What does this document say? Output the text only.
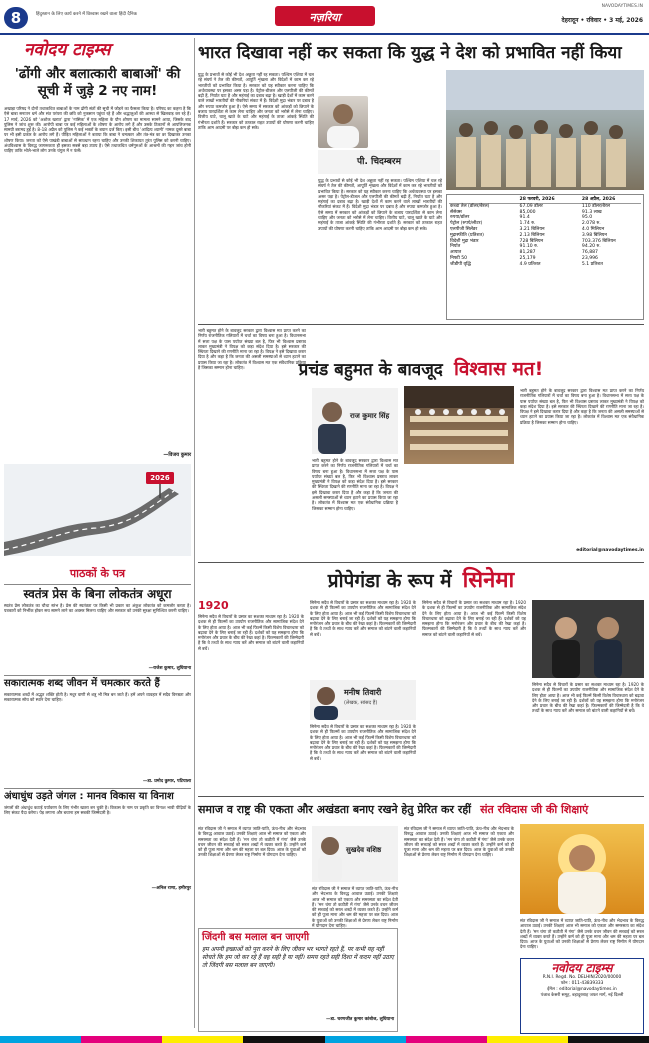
8	हिंदुस्तान के लिए कार्य करने में विश्वास रखने वाला हिंदी दैनिक	नज़रिया
NAVODAYTIMES.IN
देहरादून • रविवार • 3 मई, 2026
नवोदय टाइम्स
'ढोंगी और बलात्कारी बाबाओं' की सूची में जुड़े 2 नए नाम!
अखाड़ा परिषद ने दोनों तथाकथित बाबाओं के नाम ढोंगी संतों की सूची में जोड़ने का फैसला किया है। परिषद का कहना है कि ऐसे बाबा सनातन धर्म और संत परंपरा की छवि को नुकसान पहुंचा रहे हैं और श्रद्धालुओं की आस्था से खिलवाड़ कर रहे हैं। 17 मार्च, 2026 को 'अशोक खरात' द्वारा 'नासिक' में एक महिला के यौन शोषण का मामला सामने आया, जिसके बाद पुलिस ने जांच शुरू की। आरोपी बाबा पर कई महिलाओं के शोषण के आरोप लगे हैं और उसके ठिकानों से आपत्तिजनक सामग्री बरामद हुई है। 8-18 अप्रैल को पुलिस ने कई भक्तों के बयान दर्ज किए। इसी बीच 'आदित्य श्यामी' नामक दूसरे बाबा पर भी इसी प्रकार के आरोप लगे हैं। पीड़ित महिलाओं ने बताया कि बाबा ने चमत्कार और तंत्र-मंत्र का डर दिखाकर उनका शोषण किया। जनता को ऐसे पाखंडी बाबाओं से सावधान रहना चाहिए और उनकी शिकायत तुरंत पुलिस को करनी चाहिए। अंधविश्वास के विरुद्ध जागरूकता ही इसका सबसे बड़ा उपाय है। ऐसे तथाकथित धर्मगुरुओं के आश्रमों की गहन जांच होनी चाहिए ताकि भोले-भाले लोग उनके चंगुल में न फंसें।
—विजय कुमार
2026
पाठकों के पत्र
स्वतंत्र प्रेस के बिना लोकतंत्र अधूरा
स्वतंत्र प्रेस लोकतंत्र का चौथा स्तंभ है। प्रेस की स्वतंत्रता पर किसी भी प्रकार का अंकुश लोकतंत्र को कमजोर करता है। पत्रकारों को निर्भीक होकर सच सामने लाने का अवसर मिलना चाहिए और सरकार को उनकी सुरक्षा सुनिश्चित करनी चाहिए।
—राजेश कुमार, लुधियाना
सकारात्मक शब्द जीवन में चमत्कार करते हैं
सकारात्मक शब्दों में अद्भुत शक्ति होती है। मधुर वाणी से शत्रु भी मित्र बन जाते हैं। हमें अपने व्यवहार में सदैव विनम्रता और सकारात्मक सोच को स्थान देना चाहिए।
—डा. प्रमोद कुमार, पटियाला
अंधाधुंध उड़ते जंगल : मानव विकास या विनाश
जंगलों की अंधाधुंध कटाई पर्यावरण के लिए गंभीर खतरा बन चुकी है। विकास के नाम पर प्रकृति का विनाश भावी पीढ़ियों के लिए संकट पैदा करेगा। पेड़ लगाना और बचाना हम सबकी जिम्मेदारी है।
—अनिल राणा, हमीरपुर
भारत दिखावा नहीं कर सकता कि युद्ध ने देश को प्रभावित नहीं किया
पी. चिदम्बरम
युद्ध के प्रभावों से कोई भी देश अछूता नहीं रह सकता। पश्चिम एशिया में चल रहे संघर्ष ने तेल की कीमतों, आपूर्ति शृंखला और विदेशों में काम कर रहे भारतीयों को प्रभावित किया है। सरकार को यह स्वीकार करना चाहिए कि अर्थव्यवस्था पर इसका असर पड़ा है। पेट्रोल-डीजल और एलपीजी की कीमतें बढ़ी हैं, निर्यात घटा है और महंगाई का दबाव बढ़ा है। खाड़ी देशों में काम करने वाले लाखों भारतीयों की नौकरियां संकट में हैं। विदेशी मुद्रा भंडार पर दबाव है और रुपया कमजोर हुआ है। ऐसे समय में सरकार को आंकड़ों को छिपाने के बजाय पारदर्शिता से काम लेना चाहिए और जनता को भरोसे में लेना चाहिए। वित्तीय घाटे, चालू खाते के घाटे और महंगाई के ताजा आंकड़े स्थिति की गंभीरता दर्शाते हैं। सरकार को तत्काल राहत उपायों की घोषणा करनी चाहिए ताकि आम आदमी पर बोझ कम हो सके।
युद्ध के प्रभावों से कोई भी देश अछूता नहीं रह सकता। पश्चिम एशिया में चल रहे संघर्ष ने तेल की कीमतों, आपूर्ति शृंखला और विदेशों में काम कर रहे भारतीयों को प्रभावित किया है। सरकार को यह स्वीकार करना चाहिए कि अर्थव्यवस्था पर इसका असर पड़ा है। पेट्रोल-डीजल और एलपीजी की कीमतें बढ़ी हैं, निर्यात घटा है और महंगाई का दबाव बढ़ा है। खाड़ी देशों में काम करने वाले लाखों भारतीयों की नौकरियां संकट में हैं। विदेशी मुद्रा भंडार पर दबाव है और रुपया कमजोर हुआ है। ऐसे समय में सरकार को आंकड़ों को छिपाने के बजाय पारदर्शिता से काम लेना चाहिए और जनता को भरोसे में लेना चाहिए। वित्तीय घाटे, चालू खाते के घाटे और महंगाई के ताजा आंकड़े स्थिति की गंभीरता दर्शाते हैं। सरकार को तत्काल राहत उपायों की घोषणा करनी चाहिए ताकि आम आदमी पर बोझ कम हो सके।
	28 फरवरी, 2026	28 अप्रैल, 2026
कच्चा तेल (डॉलर/बैरल)	67.09 डॉलर	110 डॉलर/बैरल
सेंसेक्स	85,000	91.3 लाख
रुपया/डॉलर	91.4	95.0
पेट्रोल (रुपये/लीटर)	1.74 रु.	2.078 रु.
एलपीजी सिलेंडर	3.21 बिलियन	4.0 मिलियन
मुद्रास्फीति (प्रतिशत)	2.13 बिलियन	3.98 बिलियन
विदेशी मुद्रा भंडार	728 बिलियन	703.376 बिलियन
निर्यात	91.10 रु.	94.20 रु.
आयात	81,287	76,887
निफ्टी 50	25,179	23,996
जीडीपी वृद्धि	4.9 प्रतिशत	5.1 प्रतिशत
प्रचंड बहुमत के बावजूद विश्वास मत!
भारी बहुमत होने के बावजूद सरकार द्वारा विश्वास मत प्राप्त करने का निर्णय राजनीतिक गलियारों में चर्चा का विषय बना हुआ है। विधानसभा में सत्ता पक्ष के पास पर्याप्त संख्या बल है, फिर भी विश्वास प्रस्ताव लाकर मुख्यमंत्री ने विपक्ष को कड़ा संदेश दिया है। इसे सरकार की स्थिरता दिखाने की रणनीति माना जा रहा है। विपक्ष ने इसे दिखावा करार दिया है और कहा है कि जनता की असली समस्याओं से ध्यान हटाने का प्रयास किया जा रहा है। लोकतंत्र में विश्वास मत एक संवैधानिक प्रक्रिया है जिसका सम्मान होना चाहिए।
राज कुमार सिंह
भारी बहुमत होने के बावजूद सरकार द्वारा विश्वास मत प्राप्त करने का निर्णय राजनीतिक गलियारों में चर्चा का विषय बना हुआ है। विधानसभा में सत्ता पक्ष के पास पर्याप्त संख्या बल है, फिर भी विश्वास प्रस्ताव लाकर मुख्यमंत्री ने विपक्ष को कड़ा संदेश दिया है। इसे सरकार की स्थिरता दिखाने की रणनीति माना जा रहा है। विपक्ष ने इसे दिखावा करार दिया है और कहा है कि जनता की असली समस्याओं से ध्यान हटाने का प्रयास किया जा रहा है। लोकतंत्र में विश्वास मत एक संवैधानिक प्रक्रिया है जिसका सम्मान होना चाहिए।
भारी बहुमत होने के बावजूद सरकार द्वारा विश्वास मत प्राप्त करने का निर्णय राजनीतिक गलियारों में चर्चा का विषय बना हुआ है। विधानसभा में सत्ता पक्ष के पास पर्याप्त संख्या बल है, फिर भी विश्वास प्रस्ताव लाकर मुख्यमंत्री ने विपक्ष को कड़ा संदेश दिया है। इसे सरकार की स्थिरता दिखाने की रणनीति माना जा रहा है। विपक्ष ने इसे दिखावा करार दिया है और कहा है कि जनता की असली समस्याओं से ध्यान हटाने का प्रयास किया जा रहा है। लोकतंत्र में विश्वास मत एक संवैधानिक प्रक्रिया है जिसका सम्मान होना चाहिए।
editorial@navodaytimes.in
प्रोपेगंडा के रूप में सिनेमा
1920
सिनेमा सदैव से विचारों के प्रसार का सशक्त माध्यम रहा है। 1920 के दशक से ही फिल्मों का उपयोग राजनीतिक और सामाजिक संदेश देने के लिए होता आया है। आज भी कई फिल्में किसी विशेष विचारधारा को बढ़ावा देने के लिए बनाई जा रही हैं। दर्शकों को यह समझना होगा कि मनोरंजन और प्रचार के बीच की रेखा कहां है। फिल्मकारों की जिम्मेदारी है कि वे तथ्यों के साथ न्याय करें और समाज को बांटने वाली कहानियों से बचें।
सिनेमा सदैव से विचारों के प्रसार का सशक्त माध्यम रहा है। 1920 के दशक से ही फिल्मों का उपयोग राजनीतिक और सामाजिक संदेश देने के लिए होता आया है। आज भी कई फिल्में किसी विशेष विचारधारा को बढ़ावा देने के लिए बनाई जा रही हैं। दर्शकों को यह समझना होगा कि मनोरंजन और प्रचार के बीच की रेखा कहां है। फिल्मकारों की जिम्मेदारी है कि वे तथ्यों के साथ न्याय करें और समाज को बांटने वाली कहानियों से बचें।
मनीष तिवारी
(लेखक, सांसद हैं)
सिनेमा सदैव से विचारों के प्रसार का सशक्त माध्यम रहा है। 1920 के दशक से ही फिल्मों का उपयोग राजनीतिक और सामाजिक संदेश देने के लिए होता आया है। आज भी कई फिल्में किसी विशेष विचारधारा को बढ़ावा देने के लिए बनाई जा रही हैं। दर्शकों को यह समझना होगा कि मनोरंजन और प्रचार के बीच की रेखा कहां है। फिल्मकारों की जिम्मेदारी है कि वे तथ्यों के साथ न्याय करें और समाज को बांटने वाली कहानियों से बचें।
सिनेमा सदैव से विचारों के प्रसार का सशक्त माध्यम रहा है। 1920 के दशक से ही फिल्मों का उपयोग राजनीतिक और सामाजिक संदेश देने के लिए होता आया है। आज भी कई फिल्में किसी विशेष विचारधारा को बढ़ावा देने के लिए बनाई जा रही हैं। दर्शकों को यह समझना होगा कि मनोरंजन और प्रचार के बीच की रेखा कहां है। फिल्मकारों की जिम्मेदारी है कि वे तथ्यों के साथ न्याय करें और समाज को बांटने वाली कहानियों से बचें।
सिनेमा सदैव से विचारों के प्रसार का सशक्त माध्यम रहा है। 1920 के दशक से ही फिल्मों का उपयोग राजनीतिक और सामाजिक संदेश देने के लिए होता आया है। आज भी कई फिल्में किसी विशेष विचारधारा को बढ़ावा देने के लिए बनाई जा रही हैं। दर्शकों को यह समझना होगा कि मनोरंजन और प्रचार के बीच की रेखा कहां है। फिल्मकारों की जिम्मेदारी है कि वे तथ्यों के साथ न्याय करें और समाज को बांटने वाली कहानियों से बचें।
समाज व राष्ट्र की एकता और अखंडता बनाए रखने हेतु प्रेरित कर रहीं संत रविदास जी की शिक्षाएं
संत रविदास जी ने समाज में व्याप्त जाति-पाति, ऊंच-नीच और भेदभाव के विरुद्ध आवाज उठाई। उनकी शिक्षाएं आज भी समाज को एकता और समरसता का संदेश देती हैं। 'मन चंगा तो कठौती में गंगा' जैसे उनके वचन जीवन की सच्चाई को सरल शब्दों में व्यक्त करते हैं। उन्होंने कर्म को ही पूजा माना और श्रम की महत्ता पर बल दिया। आज के युवाओं को उनकी शिक्षाओं से प्रेरणा लेकर राष्ट्र निर्माण में योगदान देना चाहिए।
जिंदगी बस मलाल बन जाएगी
हम अपनी इच्छाओं को पूरा करने के लिए जीवन भर भागते रहते हैं, पर कभी यह नहीं सोचते कि हम जो कर रहे हैं वह सही है या नहीं। समय रहते सही दिशा में कदम नहीं उठाए तो जिंदगी बस मलाल बन जाएगी।
—डा. चरणजीत कुमार कांबोज, लुधियाना
सुखदेव वशिष्ठ
संत रविदास जी ने समाज में व्याप्त जाति-पाति, ऊंच-नीच और भेदभाव के विरुद्ध आवाज उठाई। उनकी शिक्षाएं आज भी समाज को एकता और समरसता का संदेश देती हैं। 'मन चंगा तो कठौती में गंगा' जैसे उनके वचन जीवन की सच्चाई को सरल शब्दों में व्यक्त करते हैं। उन्होंने कर्म को ही पूजा माना और श्रम की महत्ता पर बल दिया। आज के युवाओं को उनकी शिक्षाओं से प्रेरणा लेकर राष्ट्र निर्माण में योगदान देना चाहिए।
संत रविदास जी ने समाज में व्याप्त जाति-पाति, ऊंच-नीच और भेदभाव के विरुद्ध आवाज उठाई। उनकी शिक्षाएं आज भी समाज को एकता और समरसता का संदेश देती हैं। 'मन चंगा तो कठौती में गंगा' जैसे उनके वचन जीवन की सच्चाई को सरल शब्दों में व्यक्त करते हैं। उन्होंने कर्म को ही पूजा माना और श्रम की महत्ता पर बल दिया। आज के युवाओं को उनकी शिक्षाओं से प्रेरणा लेकर राष्ट्र निर्माण में योगदान देना चाहिए।
संत रविदास जी ने समाज में व्याप्त जाति-पाति, ऊंच-नीच और भेदभाव के विरुद्ध आवाज उठाई। उनकी शिक्षाएं आज भी समाज को एकता और समरसता का संदेश देती हैं। 'मन चंगा तो कठौती में गंगा' जैसे उनके वचन जीवन की सच्चाई को सरल शब्दों में व्यक्त करते हैं। उन्होंने कर्म को ही पूजा माना और श्रम की महत्ता पर बल दिया। आज के युवाओं को उनकी शिक्षाओं से प्रेरणा लेकर राष्ट्र निर्माण में योगदान देना चाहिए।
नवोदय टाइम्स
R.N.I. Regd. No. DELHIN/2020/00000
फोन : 011-43839333
ईमेल : editorial@navodaytimes.in
पंजाब केसरी समूह, बहादुरशाह जफर मार्ग, नई दिल्ली
